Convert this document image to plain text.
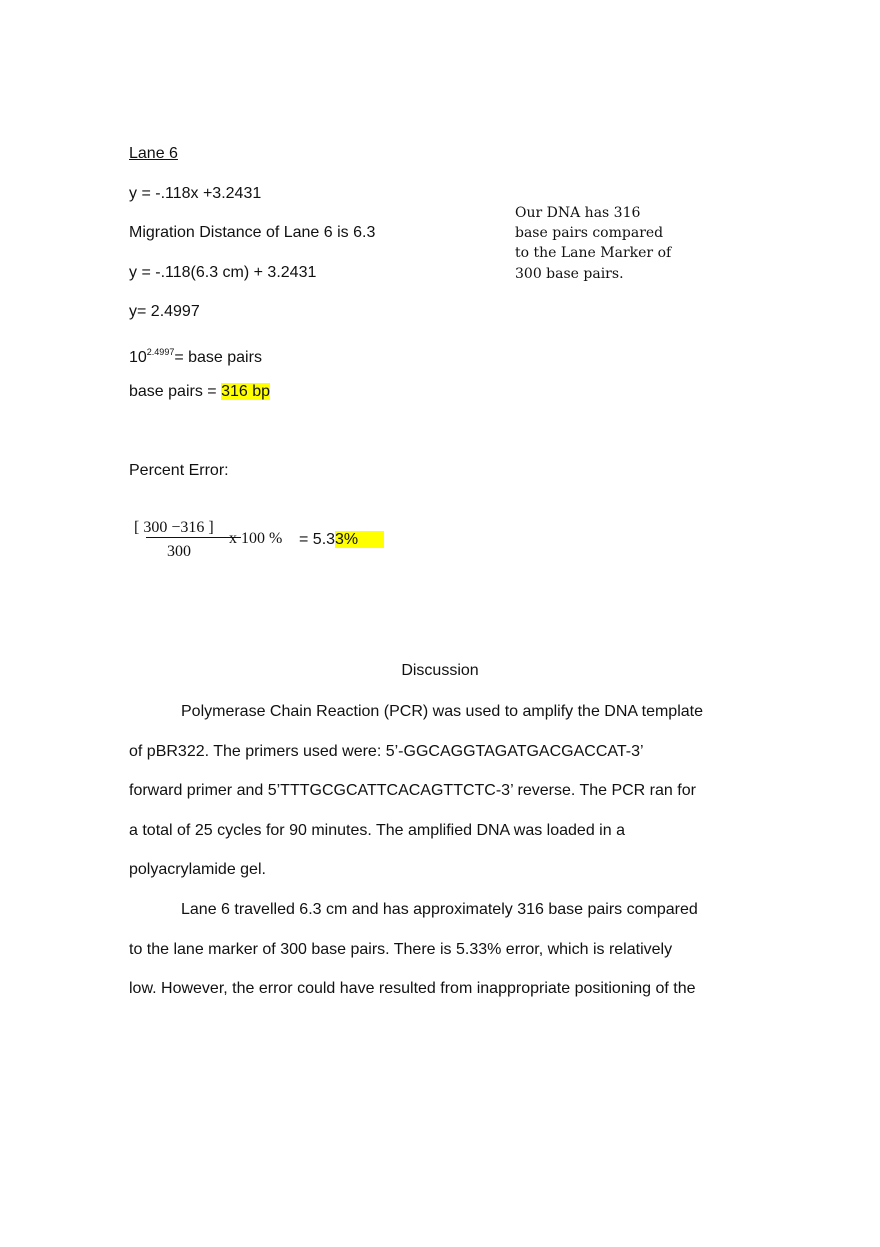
Lane 6
y = -.118x +3.2431
Migration Distance of Lane 6 is 6.3
y = -.118(6.3 cm) + 3.2431
y= 2.4997
$10^{2.4997}=$ base pairs
base pairs = 316 bp
Percent Error:
[ 300 −316 ]
300
x 100 % = 5.33%
Our DNA has 316 base pairs compared to the Lane Marker of 300 base pairs.
Discussion
Polymerase Chain Reaction (PCR) was used to amplify the DNA template
of pBR322. The primers used were: 5’-GGCAGGTAGATGACGACCAT-3’
forward primer and 5’TTTGCGCATTCACAGTTCTC-3’ reverse. The PCR ran for
a total of 25 cycles for 90 minutes. The amplified DNA was loaded in a
polyacrylamide gel.
Lane 6 travelled 6.3 cm and has approximately 316 base pairs compared
to the lane marker of 300 base pairs. There is 5.33% error, which is relatively
low. However, the error could have resulted from inappropriate positioning of the
